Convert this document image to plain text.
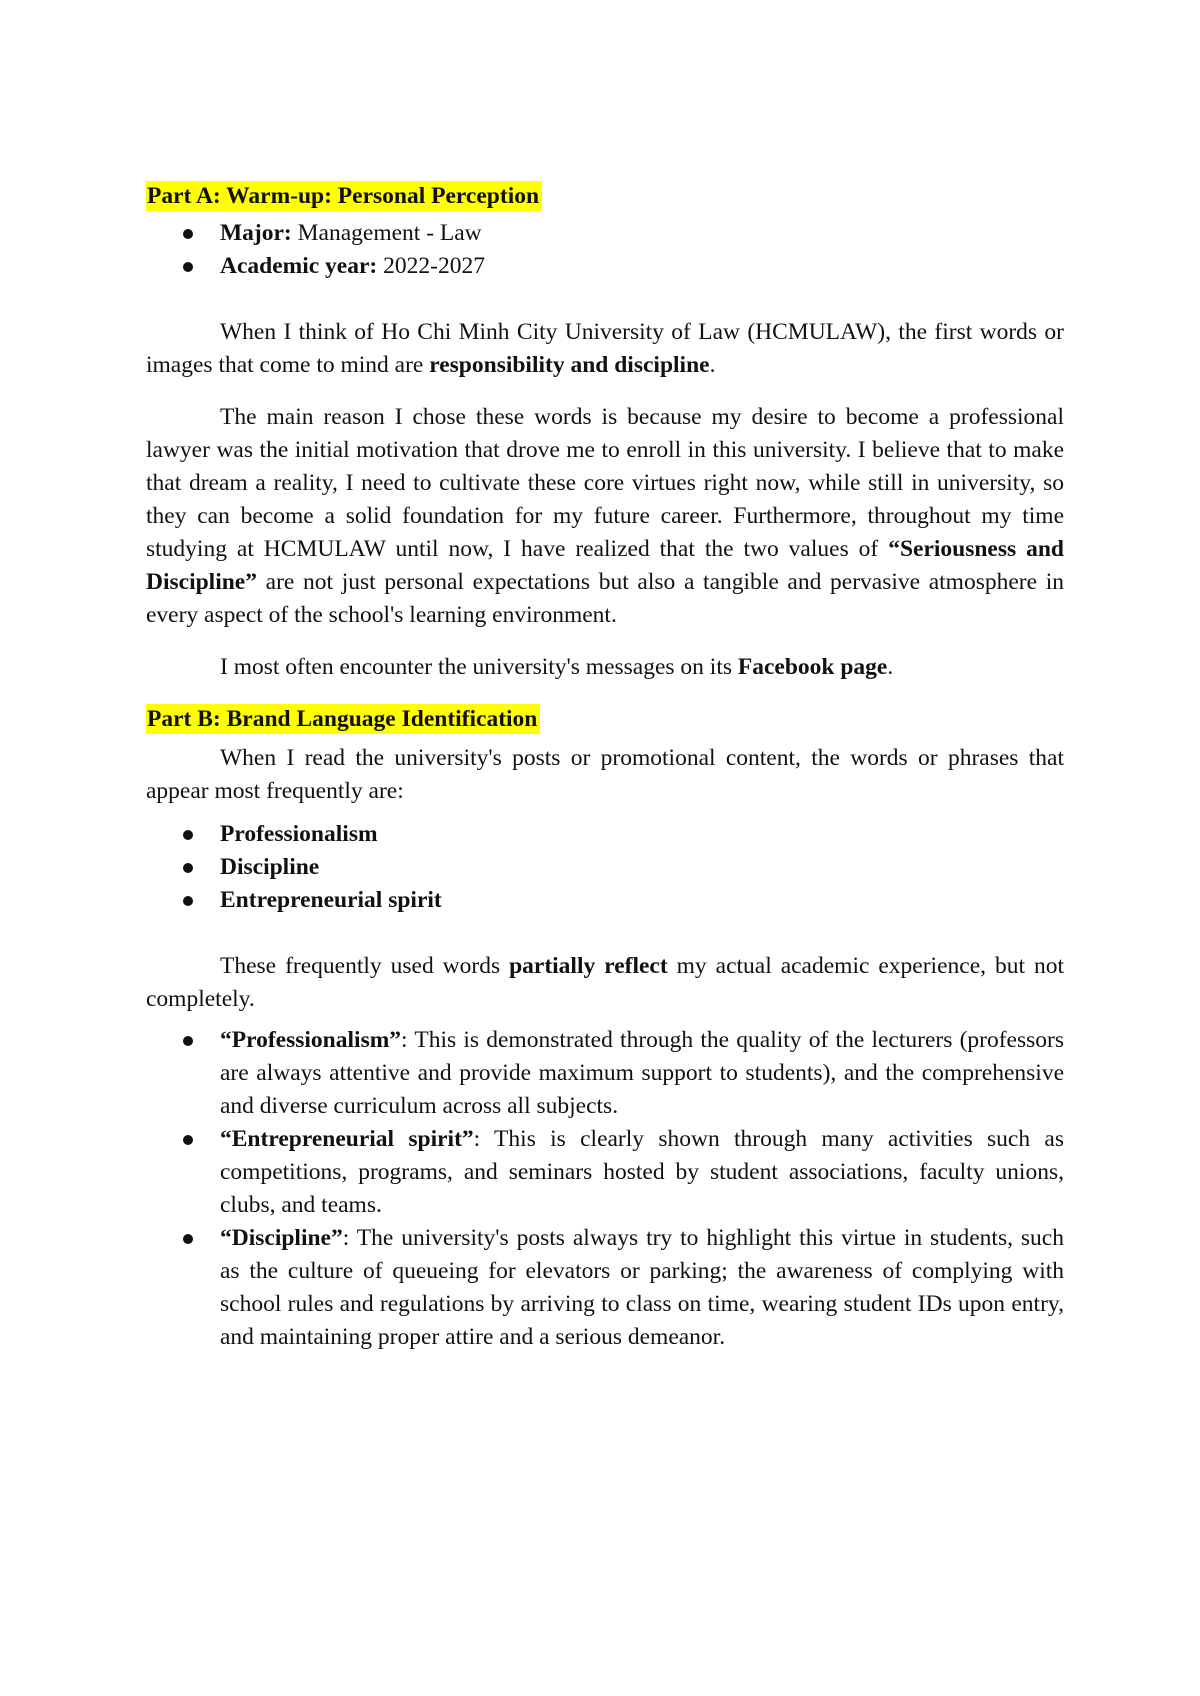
Part A: Warm-up: Personal Perception
Major: Management - Law
Academic year: 2022-2027

When I think of Ho Chi Minh City University of Law (HCMULAW), the first words or images that come to mind are responsibility and discipline.

The main reason I chose these words is because my desire to become a professional lawyer was the initial motivation that drove me to enroll in this university. I believe that to make that dream a reality, I need to cultivate these core virtues right now, while still in university, so they can become a solid foundation for my future career. Furthermore, throughout my time studying at HCMULAW until now, I have realized that the two values of “Seriousness and Discipline” are not just personal expectations but also a tangible and pervasive atmosphere in every aspect of the school's learning environment.

I most often encounter the university's messages on its Facebook page.

Part B: Brand Language Identification

When I read the university's posts or promotional content, the words or phrases that appear most frequently are:

Professionalism
Discipline
Entrepreneurial spirit

These frequently used words partially reflect my actual academic experience, but not completely.

“Professionalism”: This is demonstrated through the quality of the lecturers (professors are always attentive and provide maximum support to students), and the comprehensive and diverse curriculum across all subjects.
“Entrepreneurial spirit”: This is clearly shown through many activities such as competitions, programs, and seminars hosted by student associations, faculty unions, clubs, and teams.
“Discipline”: The university's posts always try to highlight this virtue in students, such as the culture of queueing for elevators or parking; the awareness of complying with school rules and regulations by arriving to class on time, wearing student IDs upon entry, and maintaining proper attire and a serious demeanor.
